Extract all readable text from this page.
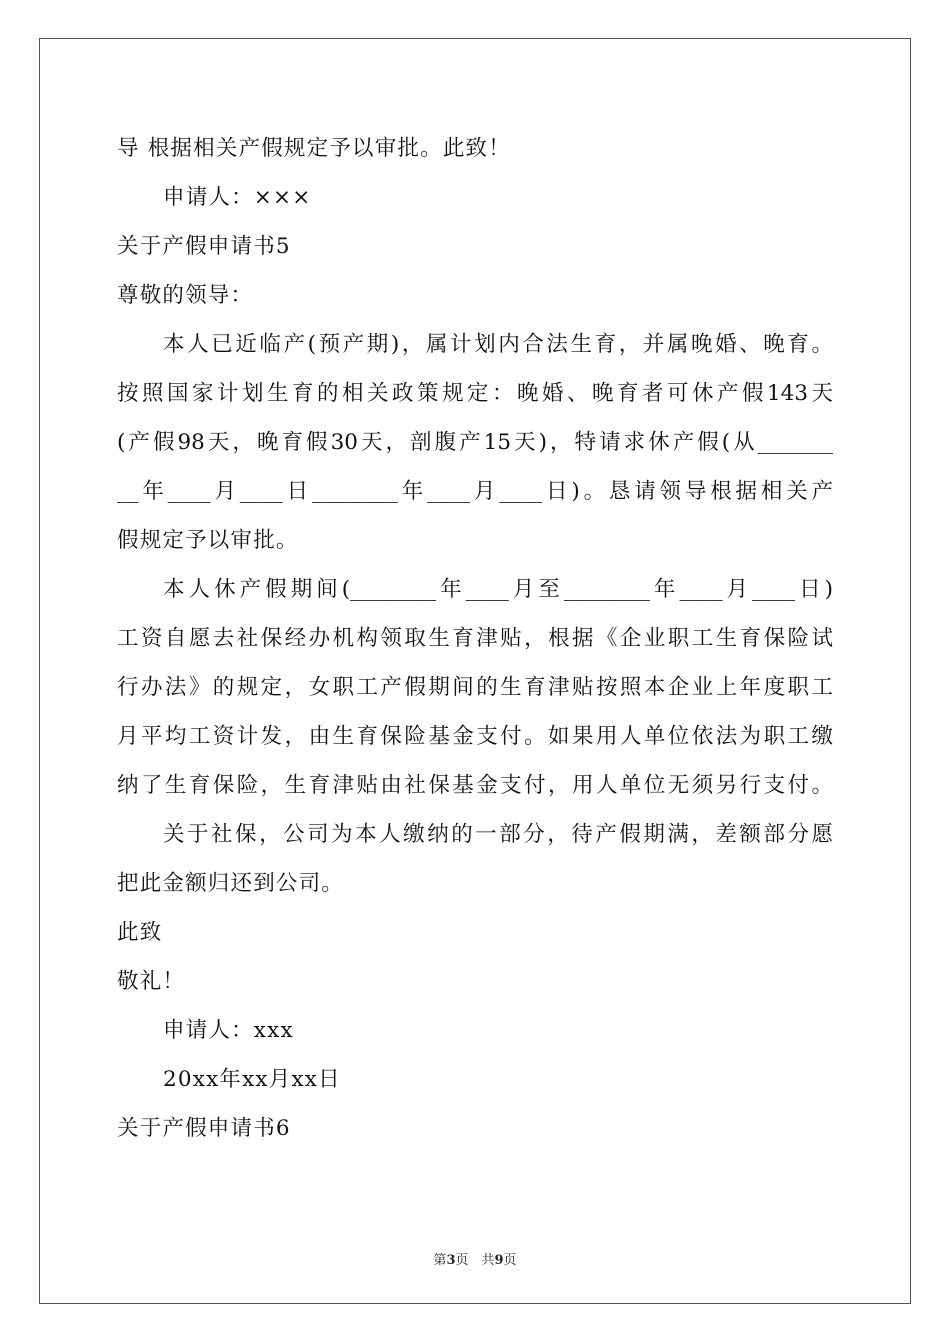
导 根据相关产假规定予以审批。此致！
申请人：×××
关于产假申请书5
尊敬的领导：
本人已近临产(预产期)，属计划内合法生育，并属晚婚、晚育。
按照国家计划生育的相关政策规定：晚婚、晚育者可休产假143天
(产假98天，晚育假30天，剖腹产15天)，特请求休产假(从_______
__年____月____日________年____月____日)。恳请领导根据相关产
假规定予以审批。
本人休产假期间(________年____月至________年____月____日)
工资自愿去社保经办机构领取生育津贴，根据《企业职工生育保险试
行办法》的规定，女职工产假期间的生育津贴按照本企业上年度职工
月平均工资计发，由生育保险基金支付。如果用人单位依法为职工缴
纳了生育保险，生育津贴由社保基金支付，用人单位无须另行支付。
关于社保，公司为本人缴纳的一部分，待产假期满，差额部分愿
把此金额归还到公司。
此致
敬礼！
申请人：xxx
20xx年xx月xx日
关于产假申请书6
第3页　共9页
